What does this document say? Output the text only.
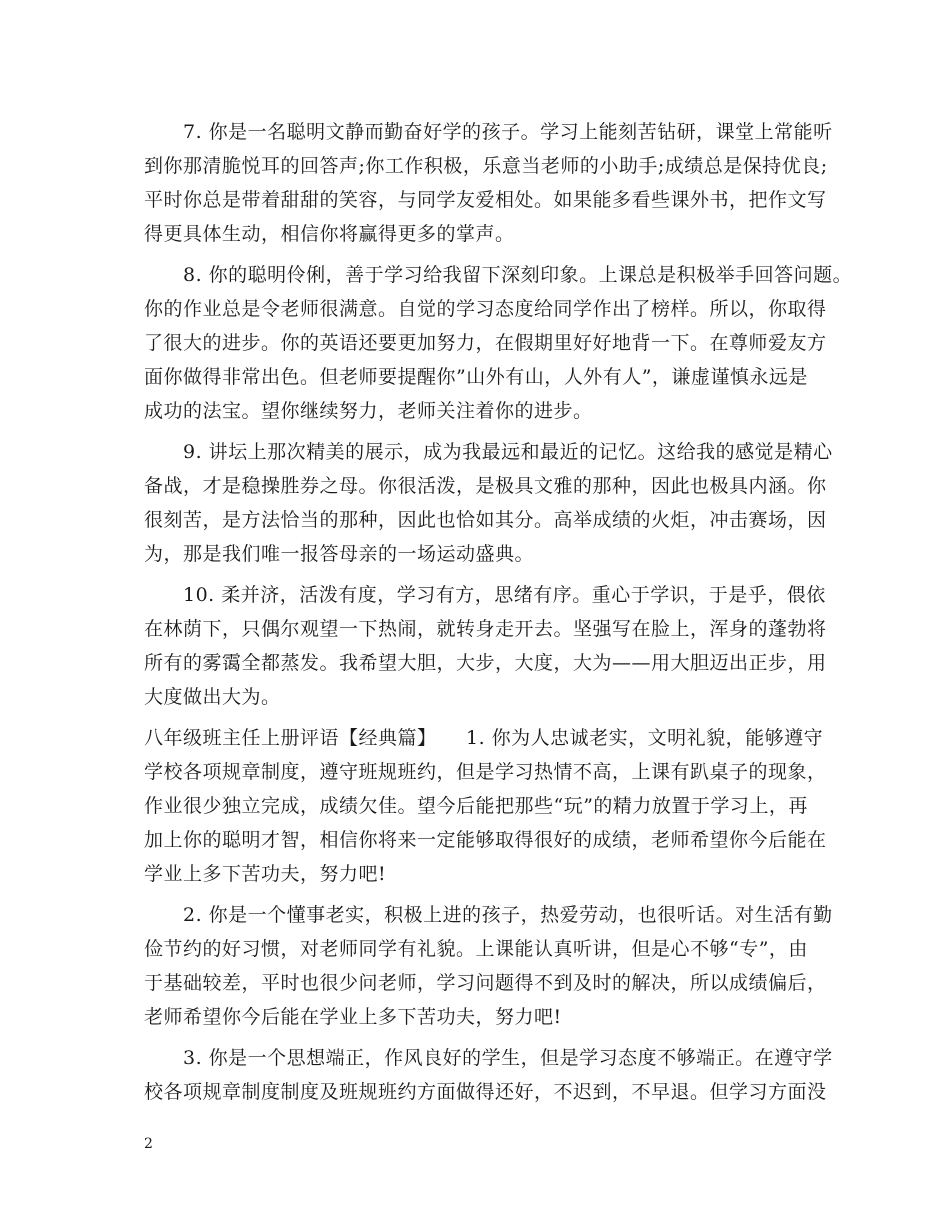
　　7. 你是一名聪明文静而勤奋好学的孩子。学习上能刻苦钻研，课堂上常能听
到你那清脆悦耳的回答声;你工作积极，乐意当老师的小助手;成绩总是保持优良;
平时你总是带着甜甜的笑容，与同学友爱相处。如果能多看些课外书，把作文写
得更具体生动，相信你将赢得更多的掌声。
　　8. 你的聪明伶俐，善于学习给我留下深刻印象。上课总是积极举手回答问题。
你的作业总是令老师很满意。自觉的学习态度给同学作出了榜样。所以，你取得
了很大的进步。你的英语还要更加努力，在假期里好好地背一下。在尊师爱友方
面你做得非常出色。但老师要提醒你”山外有山，人外有人”，谦虚谨慎永远是
成功的法宝。望你继续努力，老师关注着你的进步。
　　9. 讲坛上那次精美的展示，成为我最远和最近的记忆。这给我的感觉是精心
备战，才是稳操胜券之母。你很活泼，是极具文雅的那种，因此也极具内涵。你
很刻苦，是方法恰当的那种，因此也恰如其分。高举成绩的火炬，冲击赛场，因
为，那是我们唯一报答母亲的一场运动盛典。
　　10. 柔并济，活泼有度，学习有方，思绪有序。重心于学识，于是乎，偎依
在林荫下，只偶尔观望一下热闹，就转身走开去。坚强写在脸上，浑身的蓬勃将
所有的雾霭全都蒸发。我希望大胆，大步，大度，大为——用大胆迈出正步，用
大度做出大为。
八年级班主任上册评语【经典篇】　　1. 你为人忠诚老实，文明礼貌，能够遵守
学校各项规章制度，遵守班规班约，但是学习热情不高，上课有趴桌子的现象，
作业很少独立完成，成绩欠佳。望今后能把那些“玩”的精力放置于学习上，再
加上你的聪明才智，相信你将来一定能够取得很好的成绩，老师希望你今后能在
学业上多下苦功夫，努力吧!
　　2. 你是一个懂事老实，积极上进的孩子，热爱劳动，也很听话。对生活有勤
俭节约的好习惯，对老师同学有礼貌。上课能认真听讲，但是心不够“专”，由
于基础较差，平时也很少问老师，学习问题得不到及时的解决，所以成绩偏后，
老师希望你今后能在学业上多下苦功夫，努力吧!
　　3. 你是一个思想端正，作风良好的学生，但是学习态度不够端正。在遵守学
校各项规章制度制度及班规班约方面做得还好，不迟到，不早退。但学习方面没
2
